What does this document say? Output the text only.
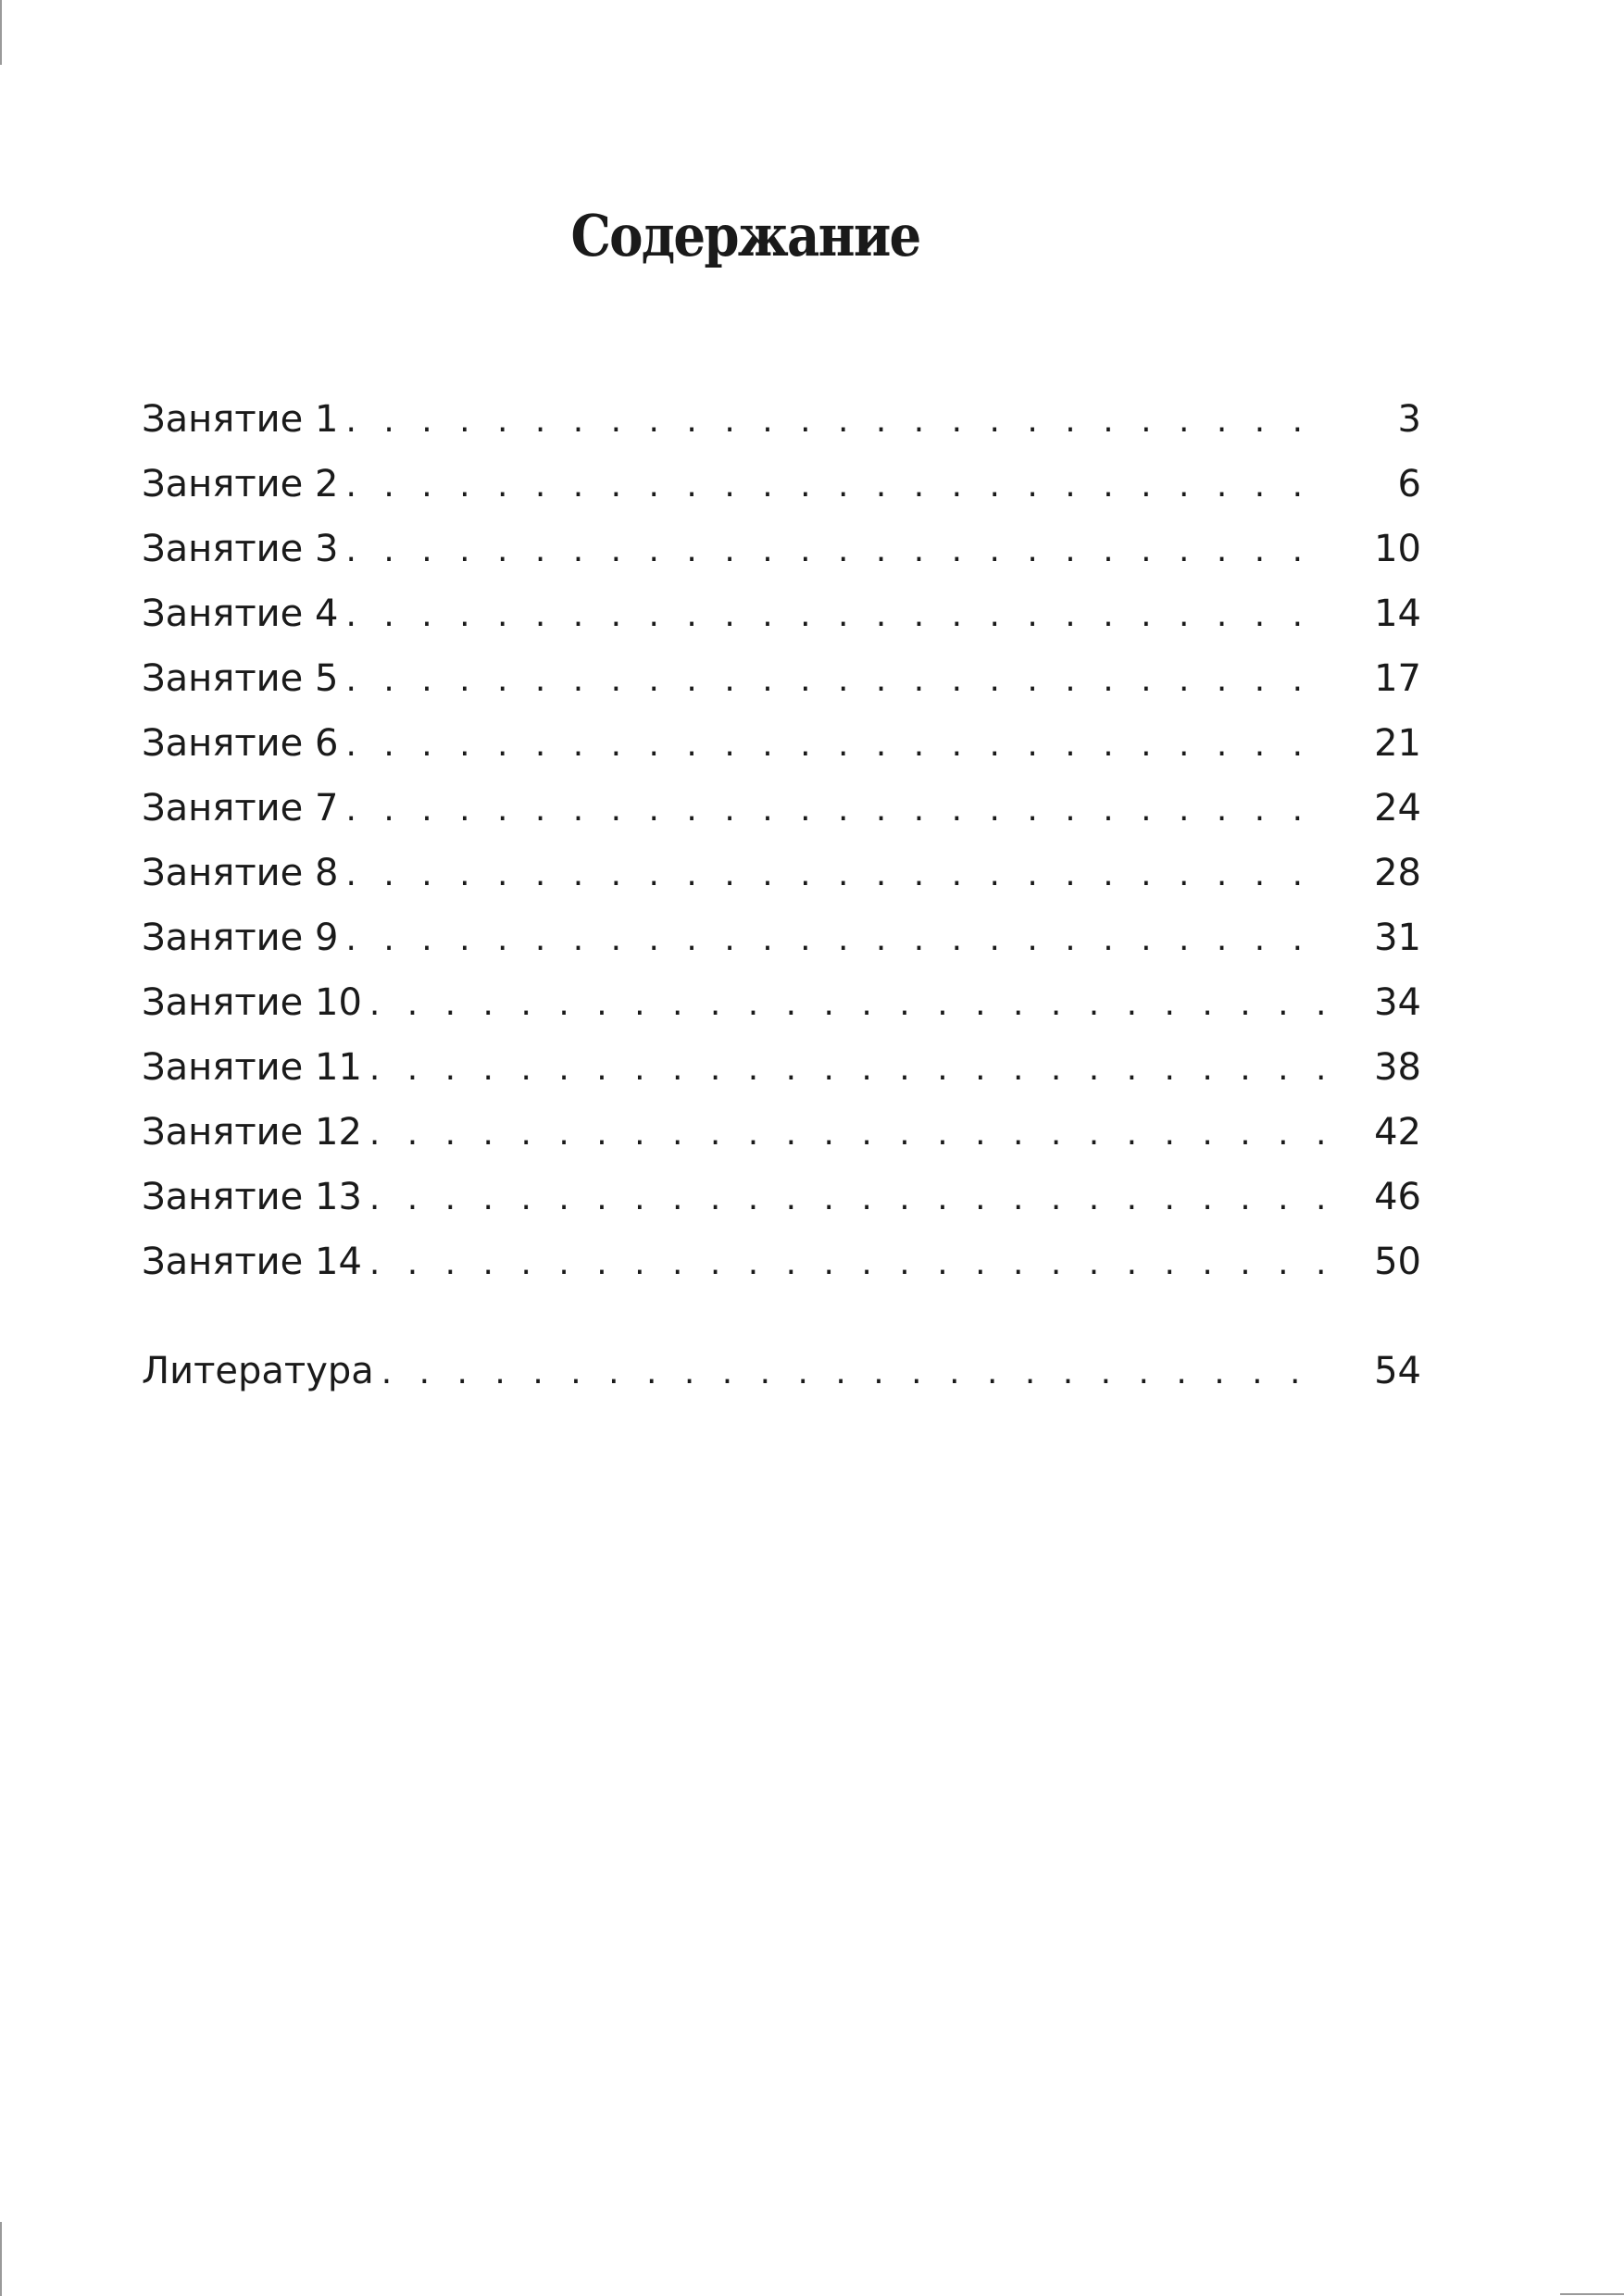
Содержание
Занятие 1 . . .	3
Занятие 2 . . .	6
Занятие 3 . . .	10
Занятие 4 . . .	14
Занятие 5 . . .	17
Занятие 6 . . .	21
Занятие 7 . . .	24
Занятие 8 . . .	28
Занятие 9 . . .	31
Занятие 10 . . .	34
Занятие 11 . . .	38
Занятие 12 . . .	42
Занятие 13 . . .	46
Занятие 14 . . .	50
Литература . . .	54
